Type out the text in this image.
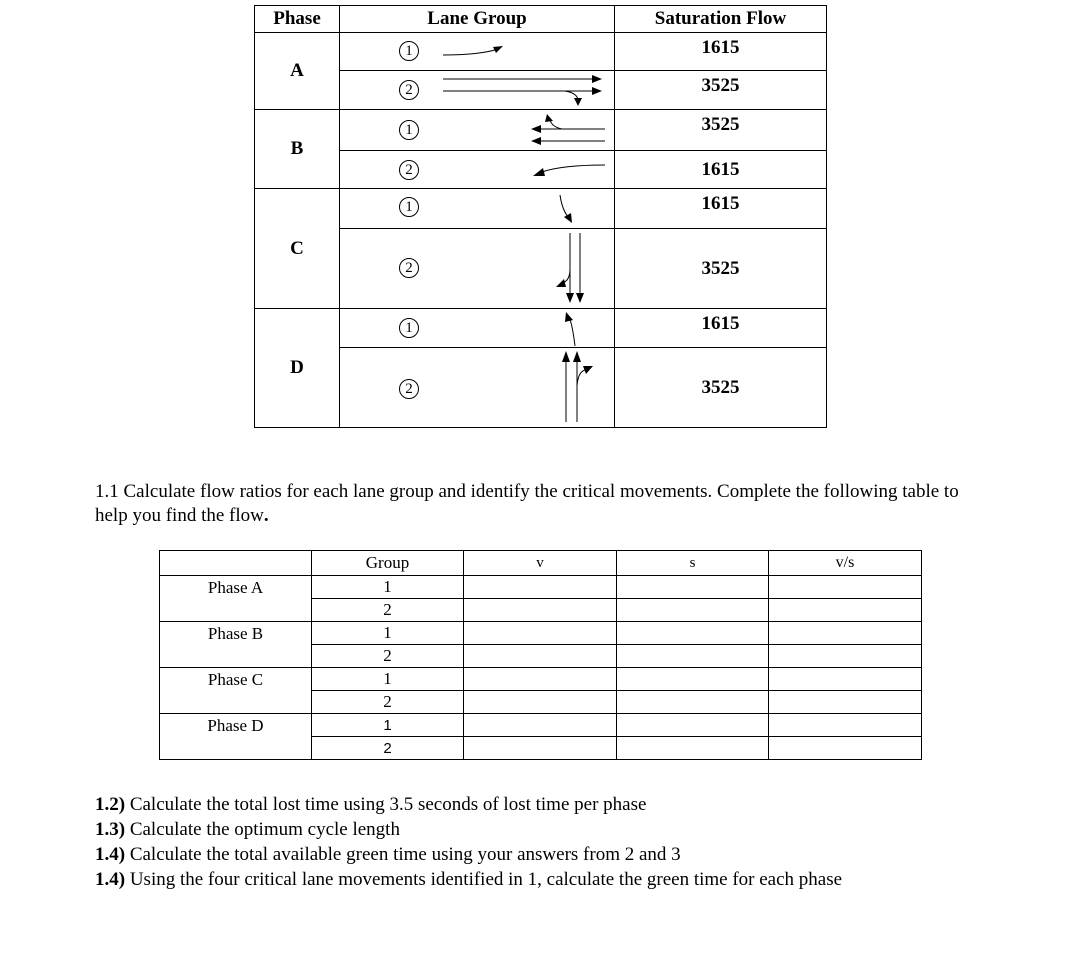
Phase	Lane Group	Saturation Flow
A	1	1615

	2	3525
B	1	3525

	2	1615
C	1	1615

	2	3525
D	1	1615

	2	3525

1.1 Calculate flow ratios for each lane group and identify the critical movements. Complete the following table to help you find the flow.

	Group	v	s	v/s
Phase A	1			
	2			
Phase B	1			
	2			
Phase C	1			
	2			
Phase D	1			
	2			
1.2) Calculate the total lost time using 3.5 seconds of lost time per phase
1.3) Calculate the optimum cycle length
1.4) Calculate the total available green time using your answers from 2 and 3
1.4) Using the four critical lane movements identified in 1, calculate the green time for each phase
